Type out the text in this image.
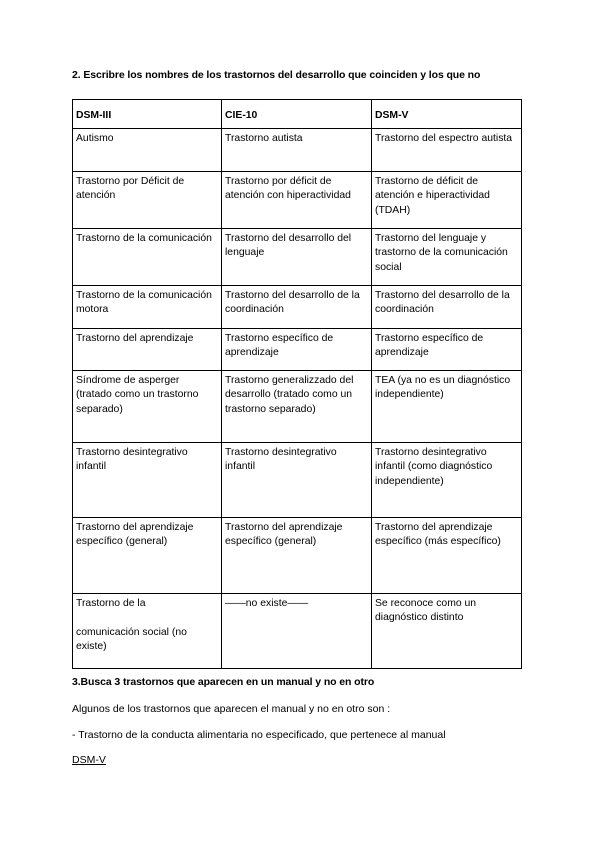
2. Escribre los nombres de los trastornos del desarrollo que coinciden y los que no
DSM-III	CIE-10	DSM-V
Autismo	Trastorno autista	Trastorno del espectro autista
Trastorno por Déficit de atención	Trastorno por déficit de atención con hiperactividad	Trastorno de déficit de atención e hiperactividad (TDAH)
Trastorno de la comunicación	Trastorno del desarrollo del lenguaje	Trastorno del lenguaje y trastorno de la comunicación social
Trastorno de la comunicación motora	Trastorno del desarrollo de la coordinación	Trastorno del desarrollo de la coordinación
Trastorno del aprendizaje	Trastorno específico de aprendizaje	Trastorno específico de aprendizaje
Síndrome de asperger (tratado como un trastorno separado)	Trastorno generalizzado del desarrollo (tratado como un trastorno separado)	TEA (ya no es un diagnóstico independiente)
Trastorno desintegrativo infantil	Trastorno desintegrativo infantil	Trastorno desintegrativo infantil (como diagnóstico independiente)
Trastorno del aprendizaje específico (general)	Trastorno del aprendizaje específico (general)	Trastorno del aprendizaje específico (más específico)
Trastorno de la

comunicación social (no existe)	——no existe——	Se reconoce como un diagnóstico distinto
3.Busca 3 trastornos que aparecen en un manual y no en otro
Algunos de los trastornos que aparecen el manual y no en otro son :
- Trastorno de la conducta alimentaria no especificado, que pertenece al manual
DSM-V
